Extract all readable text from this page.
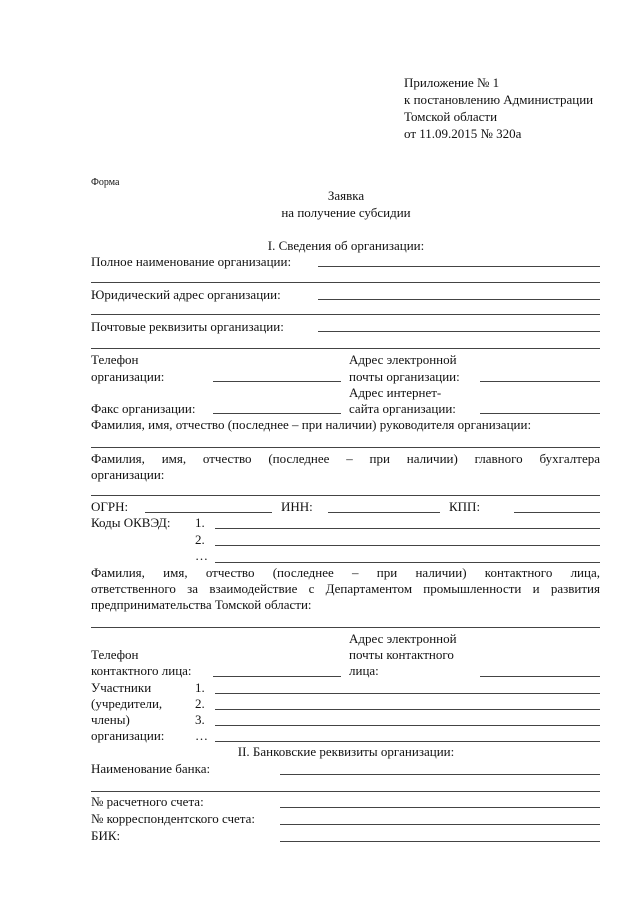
Приложение № 1
к постановлению Администрации
Томской области
от 11.09.2015 № 320а
Форма
Заявка
на получение субсидии
I. Сведения об организации:
Полное наименование организации:
Юридический адрес организации:
Почтовые реквизиты организации:
Телефон
организации:
Адрес электронной
почты организации:
Адрес интернет-
сайта организации:
Факс организации:
Фамилия, имя, отчество (последнее – при наличии) руководителя организации:
Фамилия, имя, отчество (последнее – при наличии) главного бухгалтера
организации:
ОГРН:	ИНН:	КПП:
Коды ОКВЭД: 1.
2.
…
Фамилия, имя, отчество (последнее – при наличии) контактного лица,
ответственного за взаимодействие с Департаментом промышленности и развития
предпринимательства Томской области:
Адрес электронной
почты контактного
лица:
Телефон
контактного лица:
Участники
(учредители,
члены)
организации:
1.
2.
3.
…
II. Банковские реквизиты организации:
Наименование банка:
№ расчетного счета:
№ корреспондентского счета:
БИК:
